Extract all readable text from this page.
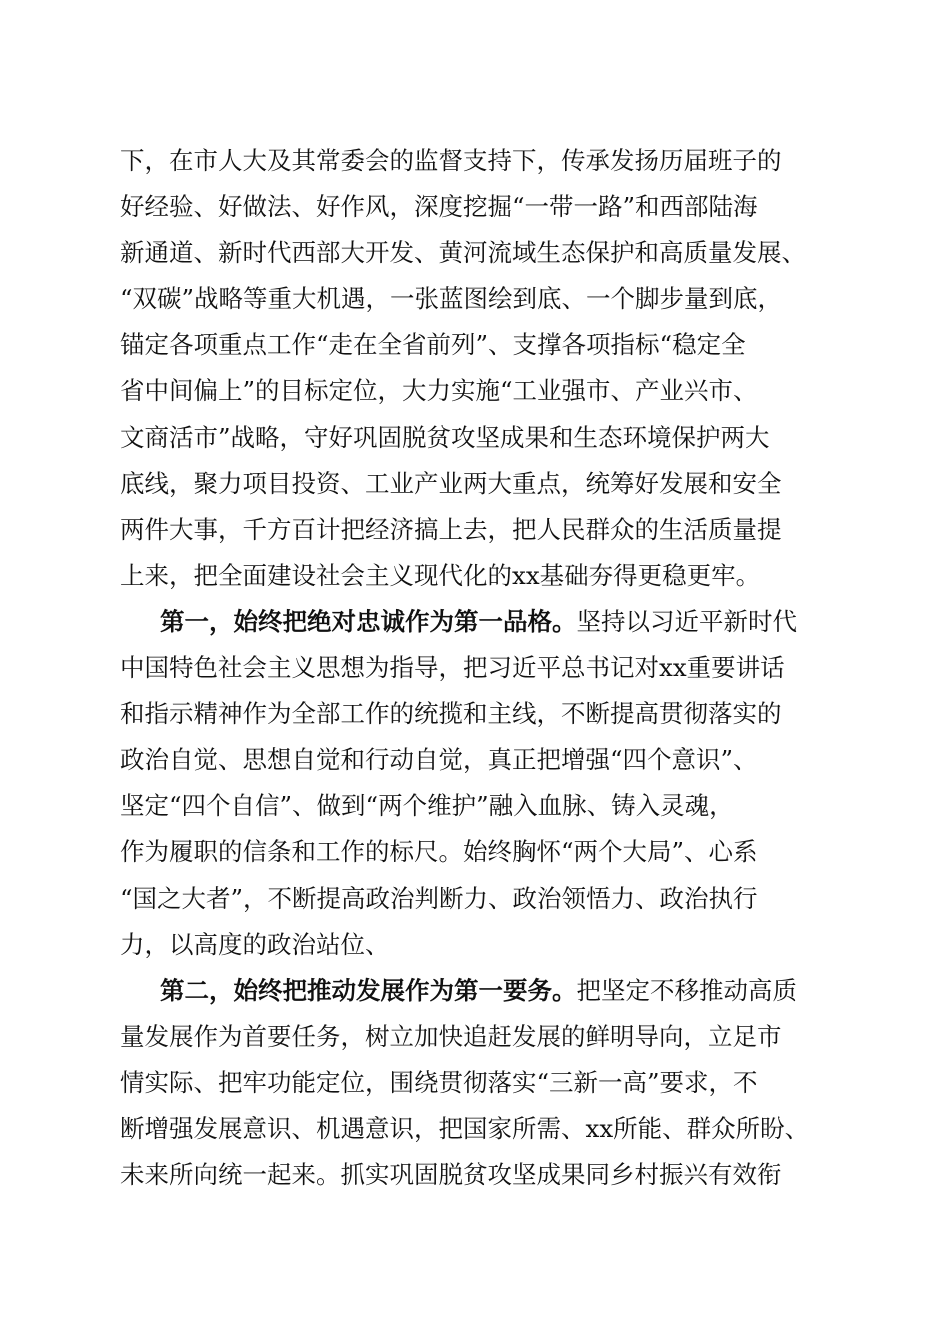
下，在市人大及其常委会的监督支持下，传承发扬历届班子的
好经验、好做法、好作风，深度挖掘“一带一路”和西部陆海
新通道、新时代西部大开发、黄河流域生态保护和高质量发展、
“双碳”战略等重大机遇，一张蓝图绘到底、一个脚步量到底，
锚定各项重点工作“走在全省前列”、支撑各项指标“稳定全
省中间偏上”的目标定位，大力实施“工业强市、产业兴市、
文商活市”战略，守好巩固脱贫攻坚成果和生态环境保护两大
底线，聚力项目投资、工业产业两大重点，统筹好发展和安全
两件大事，千方百计把经济搞上去，把人民群众的生活质量提
上来，把全面建设社会主义现代化的xx基础夯得更稳更牢。
第一，始终把绝对忠诚作为第一品格。坚持以习近平新时代
中国特色社会主义思想为指导，把习近平总书记对xx重要讲话
和指示精神作为全部工作的统揽和主线，不断提高贯彻落实的
政治自觉、思想自觉和行动自觉，真正把增强“四个意识”、
坚定“四个自信”、做到“两个维护”融入血脉、铸入灵魂，
作为履职的信条和工作的标尺。始终胸怀“两个大局”、心系
“国之大者”，不断提高政治判断力、政治领悟力、政治执行
力，以高度的政治站位、
第二，始终把推动发展作为第一要务。把坚定不移推动高质
量发展作为首要任务，树立加快追赶发展的鲜明导向，立足市
情实际、把牢功能定位，围绕贯彻落实“三新一高”要求，不
断增强发展意识、机遇意识，把国家所需、xx所能、群众所盼、
未来所向统一起来。抓实巩固脱贫攻坚成果同乡村振兴有效衔
